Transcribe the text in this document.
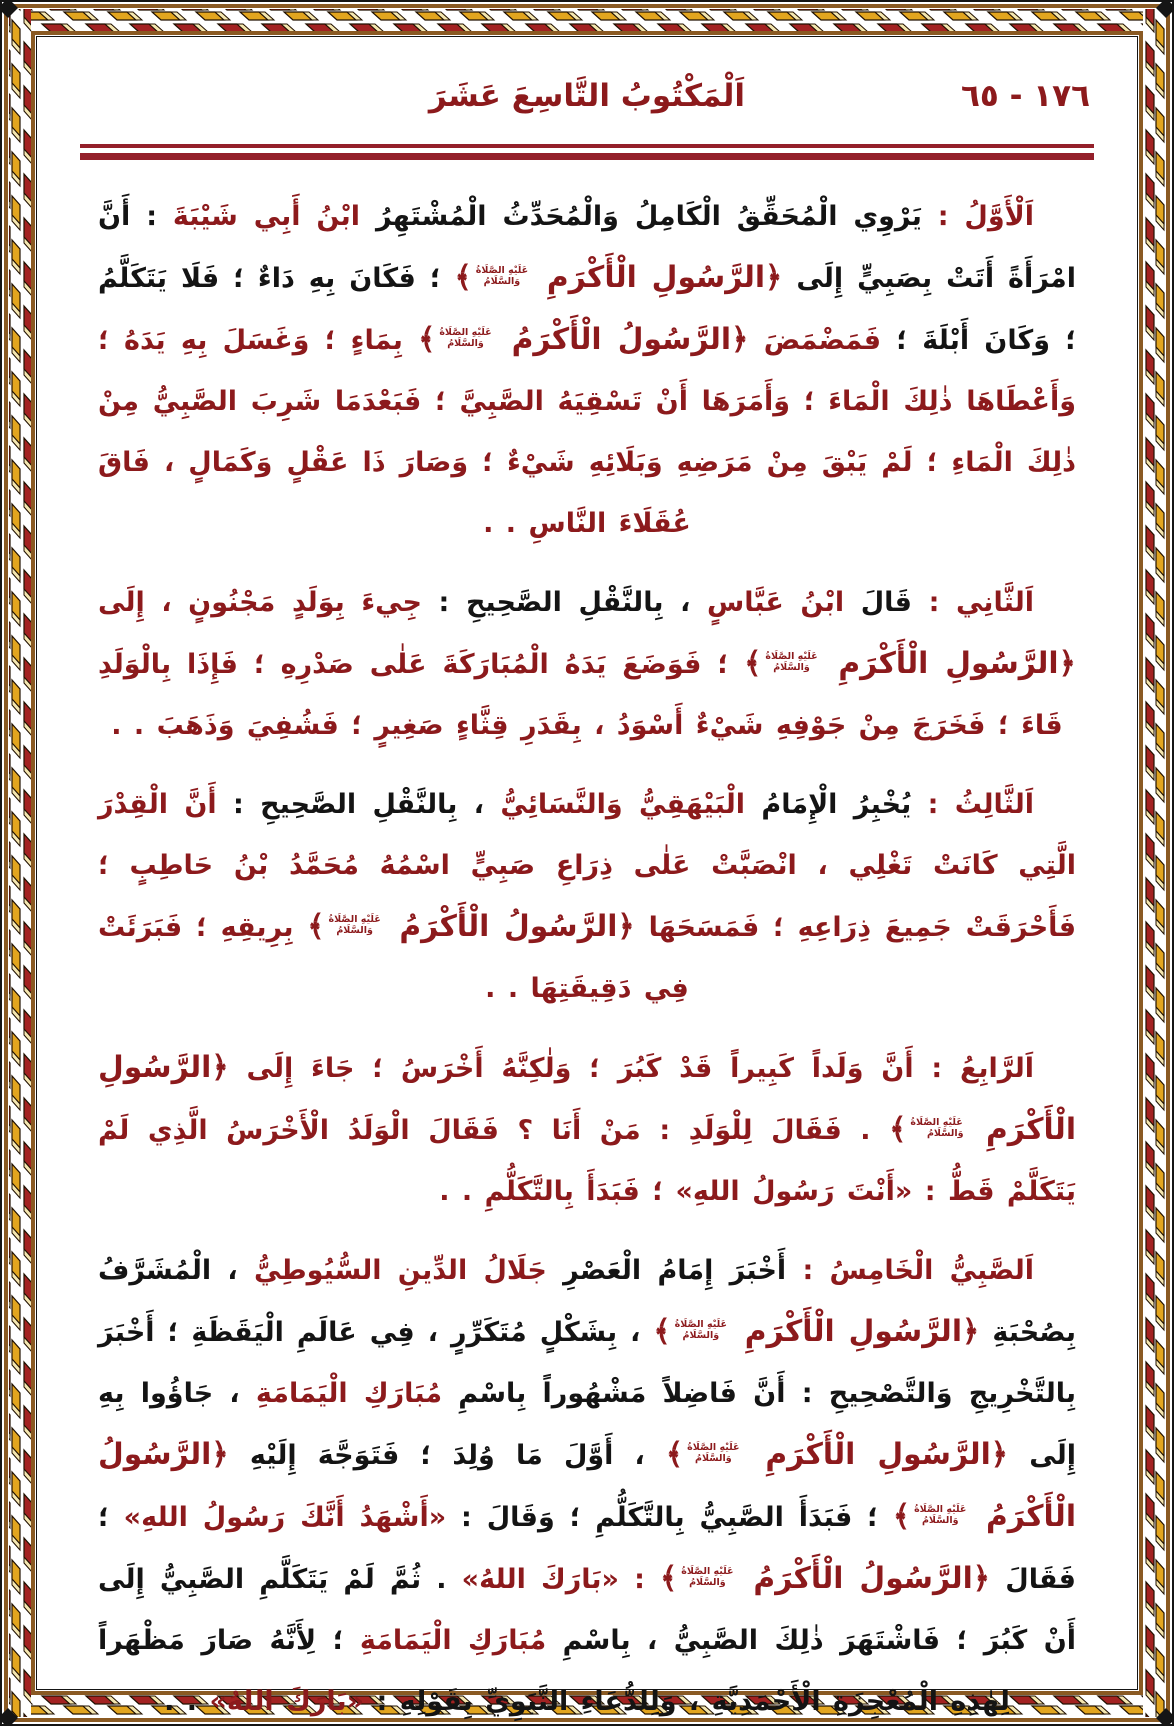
اَلْمَكْتُوبُ التَّاسِعَ عَشَرَ	١٧٦ - ٦٥

اَلْأَوَّلُ : يَرْوِي الْمُحَقِّقُ الْكَامِلُ وَالْمُحَدِّثُ الْمُشْتَهِرُ ابْنُ أَبِي شَيْبَةَ : أَنَّ امْرَأَةً أَتَتْ بِصَبِيٍّ إِلَى ﴿الرَّسُولِ الْأَكْرَمِ عَلَيْهِ الصَّلَاةُ وَالسَّلَامُ﴾ ؛ فَكَانَ بِهِ دَاءٌ ؛ فَلَا يَتَكَلَّمُ ؛ وَكَانَ أَبْلَةَ ؛ فَمَضْمَضَ ﴿الرَّسُولُ الْأَكْرَمُ عَلَيْهِ الصَّلَاةُ وَالسَّلَامُ﴾ بِمَاءٍ ؛ وَغَسَلَ بِهِ يَدَهُ ؛ وَأَعْطَاهَا ذٰلِكَ الْمَاءَ ؛ وَأَمَرَهَا أَنْ تَسْقِيَهُ الصَّبِيَّ ؛ فَبَعْدَمَا شَرِبَ الصَّبِيُّ مِنْ ذٰلِكَ الْمَاءِ ؛ لَمْ يَبْقَ مِنْ مَرَضِهِ وَبَلَائِهِ شَيْءٌ ؛ وَصَارَ ذَا عَقْلٍ وَكَمَالٍ ، فَاقَ عُقَلَاءَ النَّاسِ . .

اَلثَّانِي : قَالَ ابْنُ عَبَّاسٍ ، بِالنَّقْلِ الصَّحِيحِ : جِيءَ بِوَلَدٍ مَجْنُونٍ ، إِلَى ﴿الرَّسُولِ الْأَكْرَمِ عَلَيْهِ الصَّلَاةُ وَالسَّلَامُ﴾ ؛ فَوَضَعَ يَدَهُ الْمُبَارَكَةَ عَلٰى صَدْرِهِ ؛ فَإِذَا بِالْوَلَدِ قَاءَ ؛ فَخَرَجَ مِنْ جَوْفِهِ شَيْءٌ أَسْوَدُ ، بِقَدَرِ قِثَّاءٍ صَغِيرٍ ؛ فَشُفِيَ وَذَهَبَ . .

اَلثَّالِثُ : يُخْبِرُ الْإِمَامُ الْبَيْهَقِيُّ وَالنَّسَائِيُّ ، بِالنَّقْلِ الصَّحِيحِ : أَنَّ الْقِدْرَ الَّتِي كَانَتْ تَغْلِي ، انْصَبَّتْ عَلٰى ذِرَاعِ صَبِيٍّ اسْمُهُ مُحَمَّدُ بْنُ حَاطِبٍ ؛ فَأَحْرَقَتْ جَمِيعَ ذِرَاعِهِ ؛ فَمَسَحَهَا ﴿الرَّسُولُ الْأَكْرَمُ عَلَيْهِ الصَّلَاةُ وَالسَّلَامُ﴾ بِرِيقِهِ ؛ فَبَرَئَتْ فِي دَقِيقَتِهَا . .

اَلرَّابِعُ : أَنَّ وَلَداً كَبِيراً قَدْ كَبُرَ ؛ وَلٰكِنَّهُ أَخْرَسُ ؛ جَاءَ إِلَى ﴿الرَّسُولِ الْأَكْرَمِ عَلَيْهِ الصَّلَاةُ وَالسَّلَامُ﴾ . فَقَالَ لِلْوَلَدِ : مَنْ أَنَا ؟ فَقَالَ الْوَلَدُ الْأَخْرَسُ الَّذِي لَمْ يَتَكَلَّمْ قَطُّ : «أَنْتَ رَسُولُ اللهِ» ؛ فَبَدَأَ بِالتَّكَلُّمِ . .

اَلصَّبِيُّ الْخَامِسُ : أَخْبَرَ إِمَامُ الْعَصْرِ جَلَالُ الدِّينِ السُّيُوطِيُّ ، الْمُشَرَّفُ بِصُحْبَةِ ﴿الرَّسُولِ الْأَكْرَمِ عَلَيْهِ الصَّلَاةُ وَالسَّلَامُ﴾ ، بِشَكْلٍ مُتَكَرِّرٍ ، فِي عَالَمِ الْيَقَظَةِ ؛ أَخْبَرَ بِالتَّخْرِيجِ وَالتَّصْحِيحِ : أَنَّ فَاضِلاً مَشْهُوراً بِاسْمِ مُبَارَكِ الْيَمَامَةِ ، جَاؤُوا بِهِ إِلَى ﴿الرَّسُولِ الْأَكْرَمِ عَلَيْهِ الصَّلَاةُ وَالسَّلَامُ﴾ ، أَوَّلَ مَا وُلِدَ ؛ فَتَوَجَّهَ إِلَيْهِ ﴿الرَّسُولُ الْأَكْرَمُ عَلَيْهِ الصَّلَاةُ وَالسَّلَامُ﴾ ؛ فَبَدَأَ الصَّبِيُّ بِالتَّكَلُّمِ ؛ وَقَالَ : «أَشْهَدُ أَنَّكَ رَسُولُ اللهِ» ؛ فَقَالَ ﴿الرَّسُولُ الْأَكْرَمُ عَلَيْهِ الصَّلَاةُ وَالسَّلَامُ﴾ : «بَارَكَ اللهُ» . ثُمَّ لَمْ يَتَكَلَّمِ الصَّبِيُّ إِلَى أَنْ كَبُرَ ؛ فَاشْتَهَرَ ذٰلِكَ الصَّبِيُّ ، بِاسْمِ مُبَارَكِ الْيَمَامَةِ ؛ لِأَنَّهُ صَارَ مَظْهَراً لِهٰذِهِ الْمُعْجِزَةِ الْأَحْمَدِيَّةِ ، وَلِلدُّعَاءِ النَّبَوِيِّ بِقَوْلِهِ : «بَارَكَ اللهُ» . .
